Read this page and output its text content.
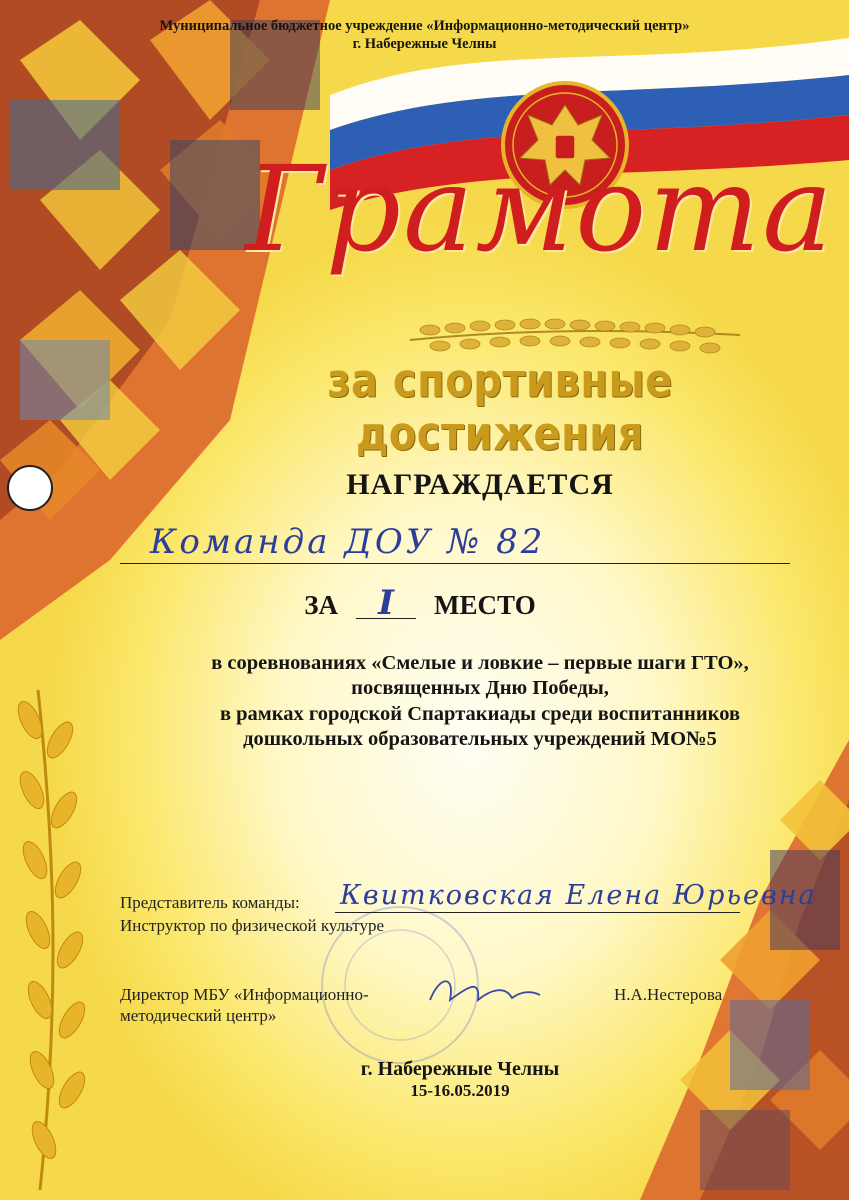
Муниципальное бюджетное учреждение «Информационно-методический центр»
г. Набережные Челны
Грамота
за спортивные достижения
НАГРАЖДАЕТСЯ
Команда ДОУ № 82
ЗА I МЕСТО
в соревнованиях «Смелые и ловкие – первые шаги ГТО»,
посвященных Дню Победы,
в рамках городской Спартакиады среди воспитанников
дошкольных образовательных учреждений МО№5
Представитель команды: Квитковская Елена Юрьевна
Инструктор по физической культуре
Директор МБУ «Информационно-
методический центр»
Н.А.Нестерова
г. Набережные Челны
15-16.05.2019
